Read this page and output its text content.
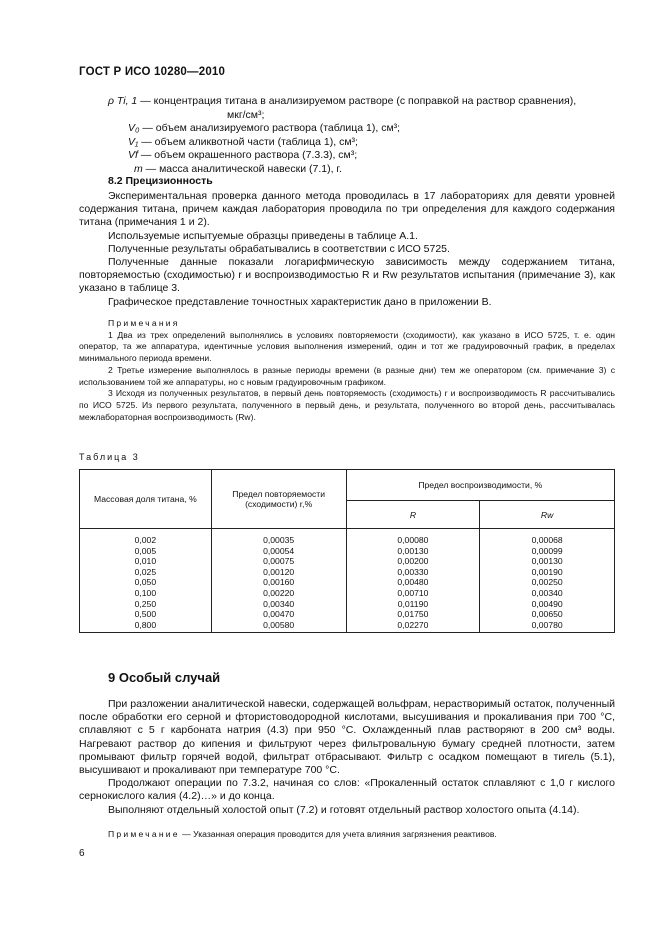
ГОСТ Р ИСО 10280—2010
ρ Ti, 1 — концентрация титана в анализируемом растворе (с поправкой на раствор сравнения),
мкг/см³;
V₀ — объем анализируемого раствора (таблица 1), см³;
V₁ — объем аликвотной части (таблица 1), см³;
Vf — объем окрашенного раствора (7.3.3), см³;
m — масса аналитической навески (7.1), г.
8.2 Прецизионность

Экспериментальная проверка данного метода проводилась в 17 лабораториях для девяти уровней содержания титана, причем каждая лаборатория проводила по три определения для каждого содержания титана (примечания 1 и 2).

Используемые испытуемые образцы приведены в таблице А.1.

Полученные результаты обрабатывались в соответствии с ИСО 5725.

Полученные данные показали логарифмическую зависимость между содержанием титана, повторяемостью (сходимостью) r и воспроизводимостью R и Rw результатов испытания (примечание 3), как указано в таблице 3.

Графическое представление точностных характеристик дано в приложении В.

Примечания

1 Два из трех определений выполнялись в условиях повторяемости (сходимости), как указано в ИСО 5725, т. е. один оператор, та же аппаратура, идентичные условия выполнения измерений, один и тот же градуировочный график, в пределах минимального периода времени.

2 Третье измерение выполнялось в разные периоды времени (в разные дни) тем же оператором (см. примечание 3) с использованием той же аппаратуры, но с новым градуировочным графиком.

3 Исходя из полученных результатов, в первый день повторяемость (сходимость) r и воспроизводимость R рассчитывались по ИСО 5725. Из первого результата, полученного в первый день, и результата, полученного во второй день, рассчитывалась межлабораторная воспроизводимость (Rw).

Таблица 3
Массовая доля титана, %	Предел повторяемости (сходимости) r,%	Предел воспроизводимости, %	
		R	Rw
0,002	0,00035	0,00080	0,00068
0,005	0,00054	0,00130	0,00099
0,010	0,00075	0,00200	0,00130
0,025	0,00120	0,00330	0,00190
0,050	0,00160	0,00480	0,00250
0,100	0,00220	0,00710	0,00340
0,250	0,00340	0,01190	0,00490
0,500	0,00470	0,01750	0,00650
0,800	0,00580	0,02270	0,00780
9 Особый случай

При разложении аналитической навески, содержащей вольфрам, нерастворимый остаток, полученный после обработки его серной и фтористоводородной кислотами, высушивания и прокаливания при 700 °С, сплавляют с 5 г карбоната натрия (4.3) при 950 °С. Охлажденный плав растворяют в 200 см³ воды. Нагревают раствор до кипения и фильтруют через фильтровальную бумагу средней плотности, затем промывают фильтр горячей водой, фильтрат отбрасывают. Фильтр с осадком помещают в тигель (5.1), высушивают и прокаливают при температуре 700 °С.

Продолжают операции по 7.3.2, начиная со слов: «Прокаленный остаток сплавляют с 1,0 г кислого сернокислого калия (4.2)…» и до конца.

Выполняют отдельный холостой опыт (7.2) и готовят отдельный раствор холостого опыта (4.14).

Примечание — Указанная операция проводится для учета влияния загрязнения реактивов.

6
